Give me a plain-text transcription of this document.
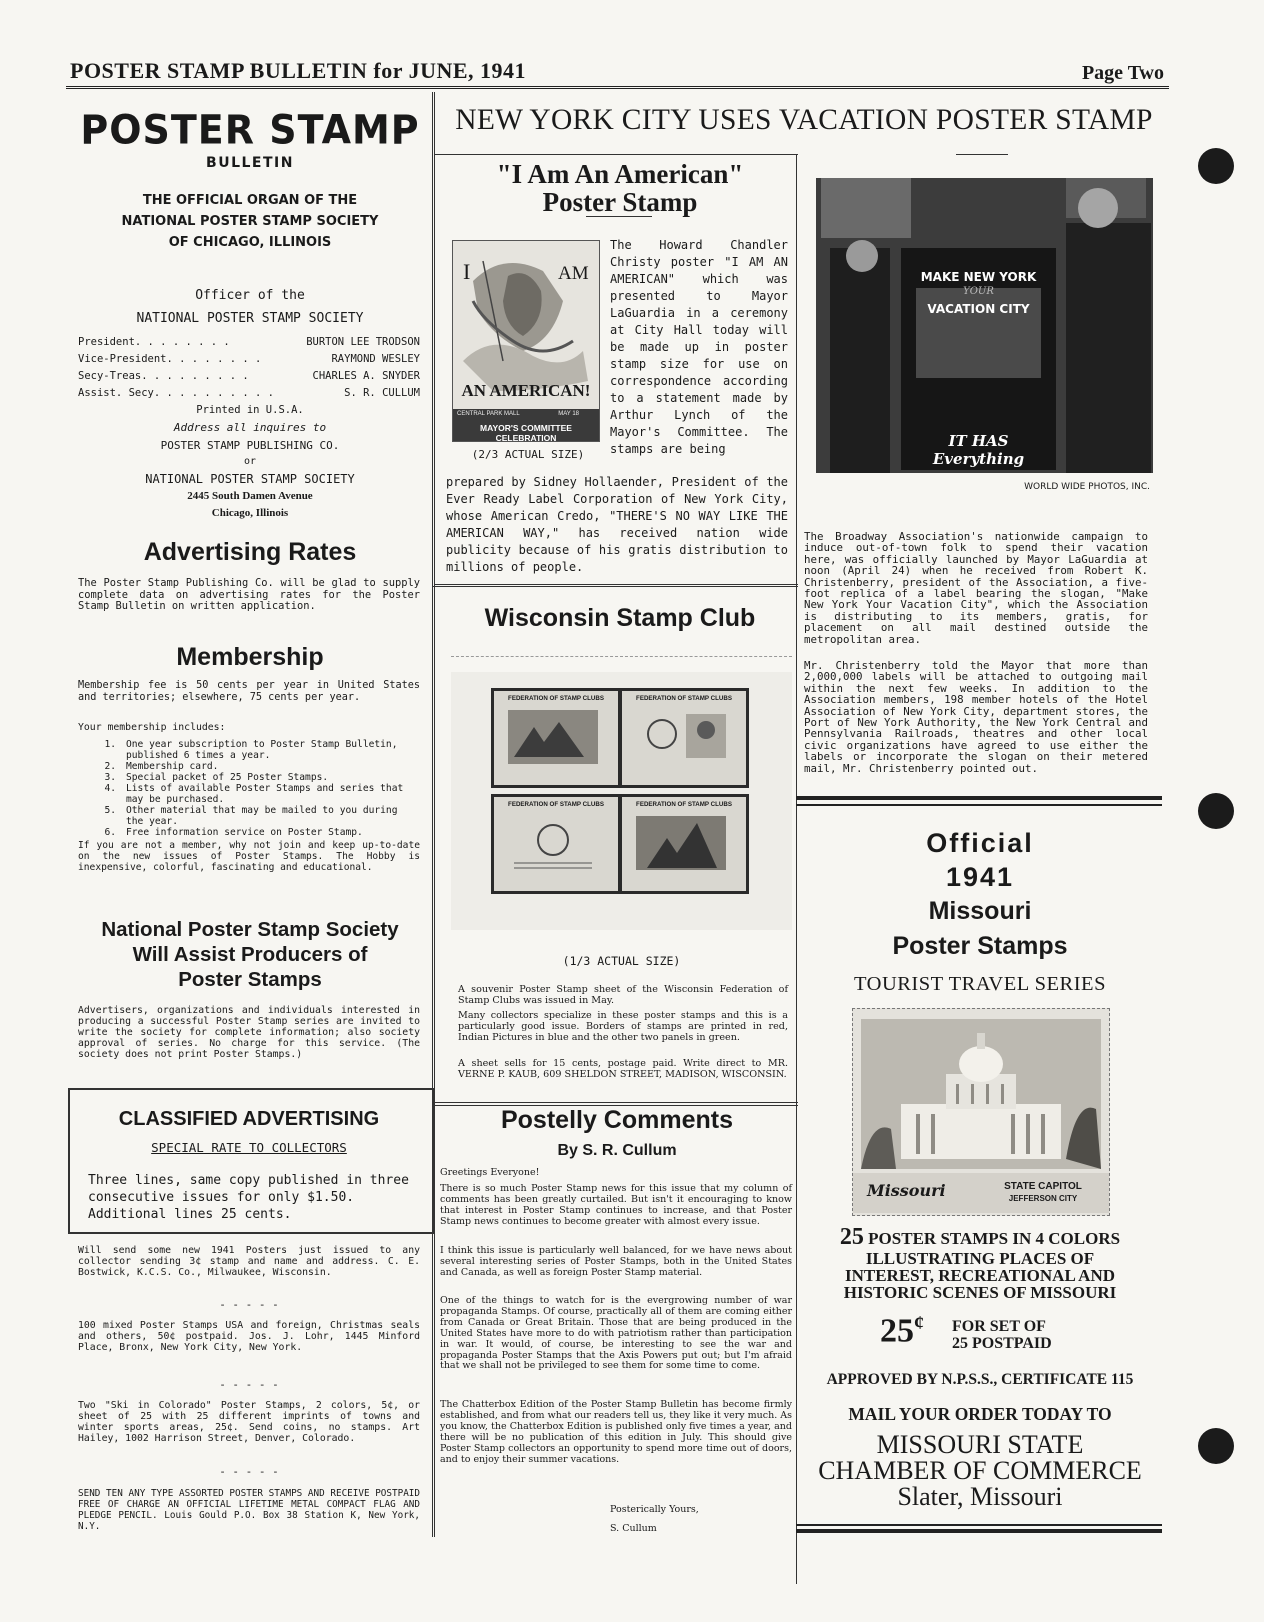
POSTER STAMP BULLETIN for JUNE, 1941	Page Two
POSTER STAMP
BULLETIN
THE OFFICIAL ORGAN OF THE
NATIONAL POSTER STAMP SOCIETY
OF CHICAGO, ILLINOIS
Officer of the
NATIONAL POSTER STAMP SOCIETY
President. . . . . . . .	BURTON LEE TRODSON
Vice-President. . . . . . . .	RAYMOND WESLEY
Secy-Treas. . . . . . . . .	CHARLES A. SNYDER
Assist. Secy. . . . . . . . . .	S. R. CULLUM
Printed in U.S.A.
Address all inquires to
POSTER STAMP PUBLISHING CO.
or
NATIONAL POSTER STAMP SOCIETY
2445 South Damen Avenue
Chicago, Illinois
Advertising Rates
The Poster Stamp Publishing Co. will be glad to supply complete data on advertising rates for the Poster Stamp Bulletin on written application.
Membership
Membership fee is 50 cents per year in United States and territories; elsewhere, 75 cents per year.
Your membership includes:
1.	One year subscription to Poster Stamp Bulletin, published 6 times a year.
2.	Membership card.
3.	Special packet of 25 Poster Stamps.
4.	Lists of available Poster Stamps and series that may be purchased.
5.	Other material that may be mailed to you during the year.
6.	Free information service on Poster Stamp.
If you are not a member, why not join and keep up-to-date on the new issues of Poster Stamps. The Hobby is inexpensive, colorful, fascinating and educational.
National Poster Stamp Society
Will Assist Producers of
Poster Stamps
Advertisers, organizations and individuals interested in producing a successful Poster Stamp series are invited to write the society for complete information; also society approval of series. No charge for this service. (The society does not print Poster Stamps.)
CLASSIFIED ADVERTISING
SPECIAL RATE TO COLLECTORS
Three lines, same copy published in three consecutive issues for only $1.50. Additional lines 25 cents.
Will send some new 1941 Posters just issued to any collector sending 3¢ stamp and name and address. C. E. Bostwick, K.C.S. Co., Milwaukee, Wisconsin.
- - - - -
100 mixed Poster Stamps USA and foreign, Christmas seals and others, 50¢ postpaid. Jos. J. Lohr, 1445 Minford Place, Bronx, New York City, New York.
- - - - -
Two "Ski in Colorado" Poster Stamps, 2 colors, 5¢, or sheet of 25 with 25 different imprints of towns and winter sports areas, 25¢. Send coins, no stamps. Art Hailey, 1002 Harrison Street, Denver, Colorado.
- - - - -
SEND TEN ANY TYPE ASSORTED POSTER STAMPS AND RECEIVE POSTPAID FREE OF CHARGE AN OFFICIAL LIFETIME METAL COMPACT FLAG AND PLEDGE PENCIL. Louis Gould P.O. Box 38 Station K, New York, N.Y.
NEW YORK CITY USES VACATION POSTER STAMP
"I Am An American"
Poster Stamp
I	AM
AN AMERICAN!
CENTRAL PARK MALL	MAY 18
MAYOR'S COMMITTEE CELEBRATION
(2/3 ACTUAL SIZE)
The Howard Chandler Christy poster "I AM AN AMERICAN" which was presented to Mayor LaGuardia in a ceremony at City Hall today will be made up in poster stamp size for use on correspondence according to a statement made by Arthur Lynch of the Mayor's Committee. The stamps are being
prepared by Sidney Hollaender, President of the Ever Ready Label Corporation of New York City, whose American Credo, "THERE'S NO WAY LIKE THE AMERICAN WAY," has received nation wide publicity because of his gratis distribution to millions of people.
MAKE NEW YORK
YOUR
VACATION CITY
IT HAS Everything
WORLD WIDE PHOTOS, INC.
The Broadway Association's nationwide campaign to induce out-of-town folk to spend their vacation here, was officially launched by Mayor LaGuardia at noon (April 24) when he received from Robert K. Christenberry, president of the Association, a five-foot replica of a label bearing the slogan, "Make New York Your Vacation City", which the Association is distributing to its members, gratis, for placement on all mail destined outside the metropolitan area.
Mr. Christenberry told the Mayor that more than 2,000,000 labels will be attached to outgoing mail within the next few weeks. In addition to the Association members, 198 member hotels of the Hotel Association of New York City, department stores, the Port of New York Authority, the New York Central and Pennsylvania Railroads, theatres and other local civic organizations have agreed to use either the labels or incorporate the slogan on their metered mail, Mr. Christenberry pointed out.
Wisconsin Stamp Club
FEDERATION OF STAMP CLUBS	FEDERATION OF STAMP CLUBS
FEDERATION OF STAMP CLUBS	FEDERATION OF STAMP CLUBS
(1/3 ACTUAL SIZE)
A souvenir Poster Stamp sheet of the Wisconsin Federation of Stamp Clubs was issued in May.
Many collectors specialize in these poster stamps and this is a particularly good issue. Borders of stamps are printed in red, Indian Pictures in blue and the other two panels in green.
A sheet sells for 15 cents, postage paid. Write direct to MR. VERNE P. KAUB, 609 SHELDON STREET, MADISON, WISCONSIN.
Postelly Comments
By S. R. Cullum
Greetings Everyone!
There is so much Poster Stamp news for this issue that my column of comments has been greatly curtailed. But isn't it encouraging to know that interest in Poster Stamp continues to increase, and that Poster Stamp news continues to become greater with almost every issue.
I think this issue is particularly well balanced, for we have news about several interesting series of Poster Stamps, both in the United States and Canada, as well as foreign Poster Stamp material.
One of the things to watch for is the evergrowing number of war propaganda Stamps. Of course, practically all of them are coming either from Canada or Great Britain. Those that are being produced in the United States have more to do with patriotism rather than participation in war. It would, of course, be interesting to see the war and propaganda Poster Stamps that the Axis Powers put out; but I'm afraid that we shall not be privileged to see them for some time to come.
The Chatterbox Edition of the Poster Stamp Bulletin has become firmly established, and from what our readers tell us, they like it very much. As you know, the Chatterbox Edition is published only five times a year, and there will be no publication of this edition in July. This should give Poster Stamp collectors an opportunity to spend more time out of doors, and to enjoy their summer vacations.
Posterically Yours,
S. Cullum
Official
1941
Missouri
Poster Stamps
TOURIST TRAVEL SERIES
Missouri	STATE CAPITOL
JEFFERSON CITY
25 POSTER STAMPS IN 4 COLORS
ILLUSTRATING PLACES OF
INTEREST, RECREATIONAL AND
HISTORIC SCENES OF MISSOURI
25¢ FOR SET OF
25 POSTPAID
APPROVED BY N.P.S.S., CERTIFICATE 115
MAIL YOUR ORDER TODAY TO
MISSOURI STATE
CHAMBER OF COMMERCE
Slater, Missouri
